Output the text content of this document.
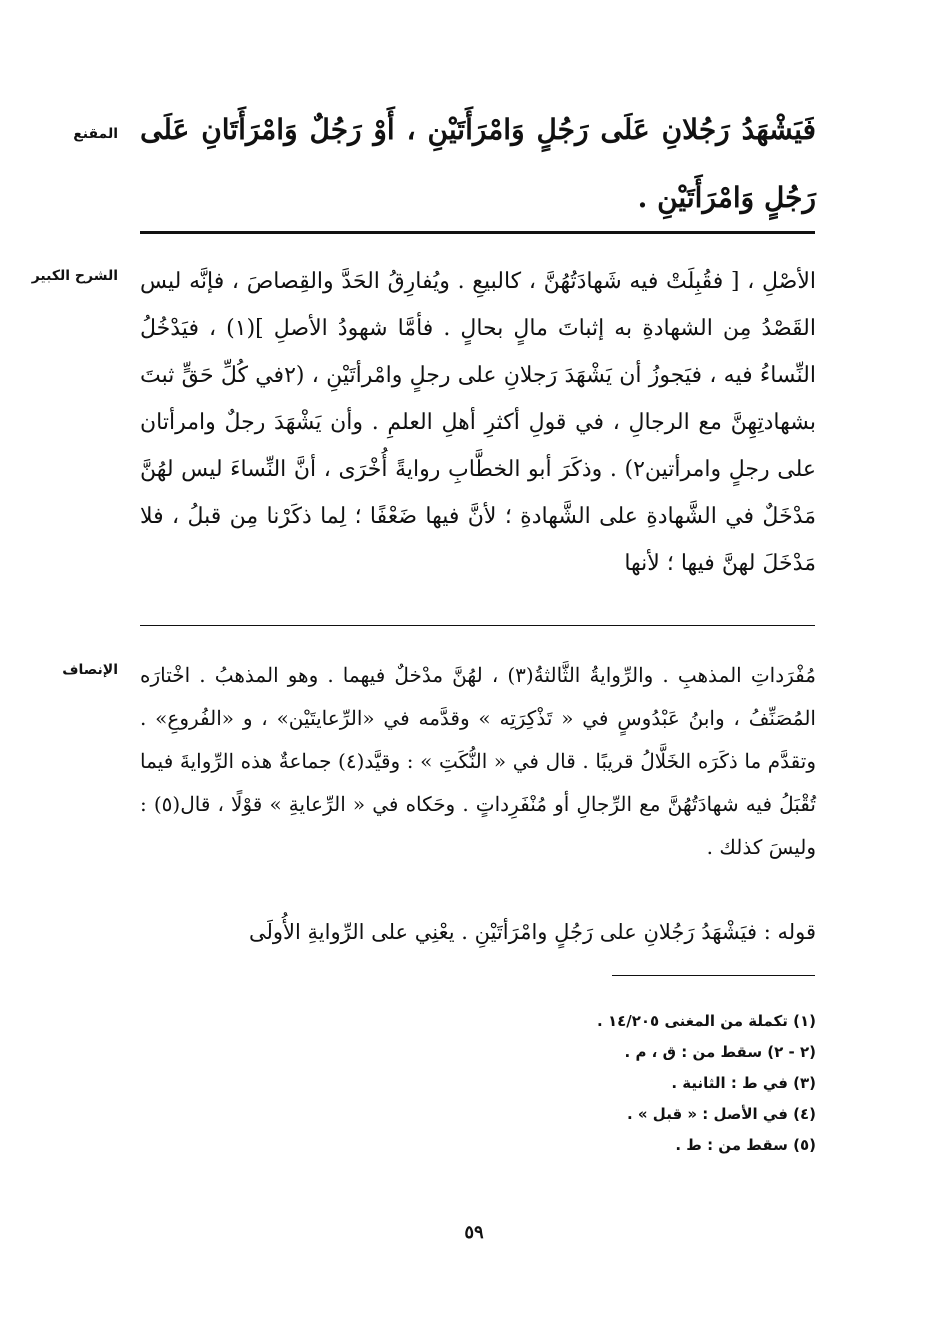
المقنع فَيَشْهَدُ رَجُلانِ عَلَى رَجُلٍ وَامْرَأَتَيْنِ ، أَوْ رَجُلٌ وَامْرَأَتَانِ عَلَى رَجُلٍ وَامْرَأَتَيْنِ .
الشرح الكبير الأصْلِ ، [ فقُبِلَتْ فيه شَهادَتُهُنَّ ، كالبيعِ . ويُفارِقُ الحَدَّ والقِصاصَ ، فإنَّه ليس القَصْدُ مِن الشهادةِ به إثباتَ مالٍ بحالٍ . فأمَّا شهودُ الأصلِ ](١) ، فيَدْخُلُ النِّساءُ فيه ، فيَجوزُ أن يَشْهَدَ رَجلانِ على رجلٍ وامْرأتَيْنِ ، (٢في كُلِّ حَقٍّ ثبتَ بشهادتِهِنَّ مع الرجالِ ، في قولِ أكثرِ أهلِ العلمِ . وأن يَشْهَدَ رجلٌ وامرأتان على رجلٍ وامرأتين٢) . وذكَرَ أبو الخطَّابِ روايةً أُخْرَى ، أنَّ النِّساءَ ليس لهُنَّ مَدْخَلٌ في الشَّهادةِ على الشَّهادةِ ؛ لأنَّ فيها ضَعْفًا ؛ لِما ذكَرْنا مِن قبلُ ، فلا مَدْخَلَ لهنَّ فيها ؛ لأنها
الإنصاف مُفْرَداتِ المذهبِ . والرِّوايةُ الثَّالثةُ(٣) ، لهُنَّ مدْخلٌ فيهما . وهو المذهبُ . اخْتارَه المُصَنِّفُ ، وابنُ عَبْدُوسٍ في « تَذْكِرَتِه » وقدَّمه في «الرِّعايتَيْن» ، و «الفُروعِ» . وتقدَّم ما ذكَرَه الخَلَّالُ قريبًا . قال في « النُّكَتِ » : وقيَّد(٤) جماعةٌ هذه الرِّوايةَ فيما تُقْبَلُ فيه شهادَتُهُنَّ مع الرِّجالِ أو مُنْفَرِداتٍ . وحَكاه في « الرِّعايةِ » قوْلًا ، قال(٥) : وليسَ كذلك .
قوله : فيَشْهَدُ رَجُلانِ على رَجُلٍ وامْرَأتَيْنِ . يعْنِي على الرِّوايةِ الأُولَى
(١) تكملة من المغنى ١٤/٢٠٥ .
(٢ - ٢) سقط من : ق ، م .
(٣) في ط : الثانية .
(٤) في الأصل : « قبل » .
(٥) سقط من : ط .
٥٩
